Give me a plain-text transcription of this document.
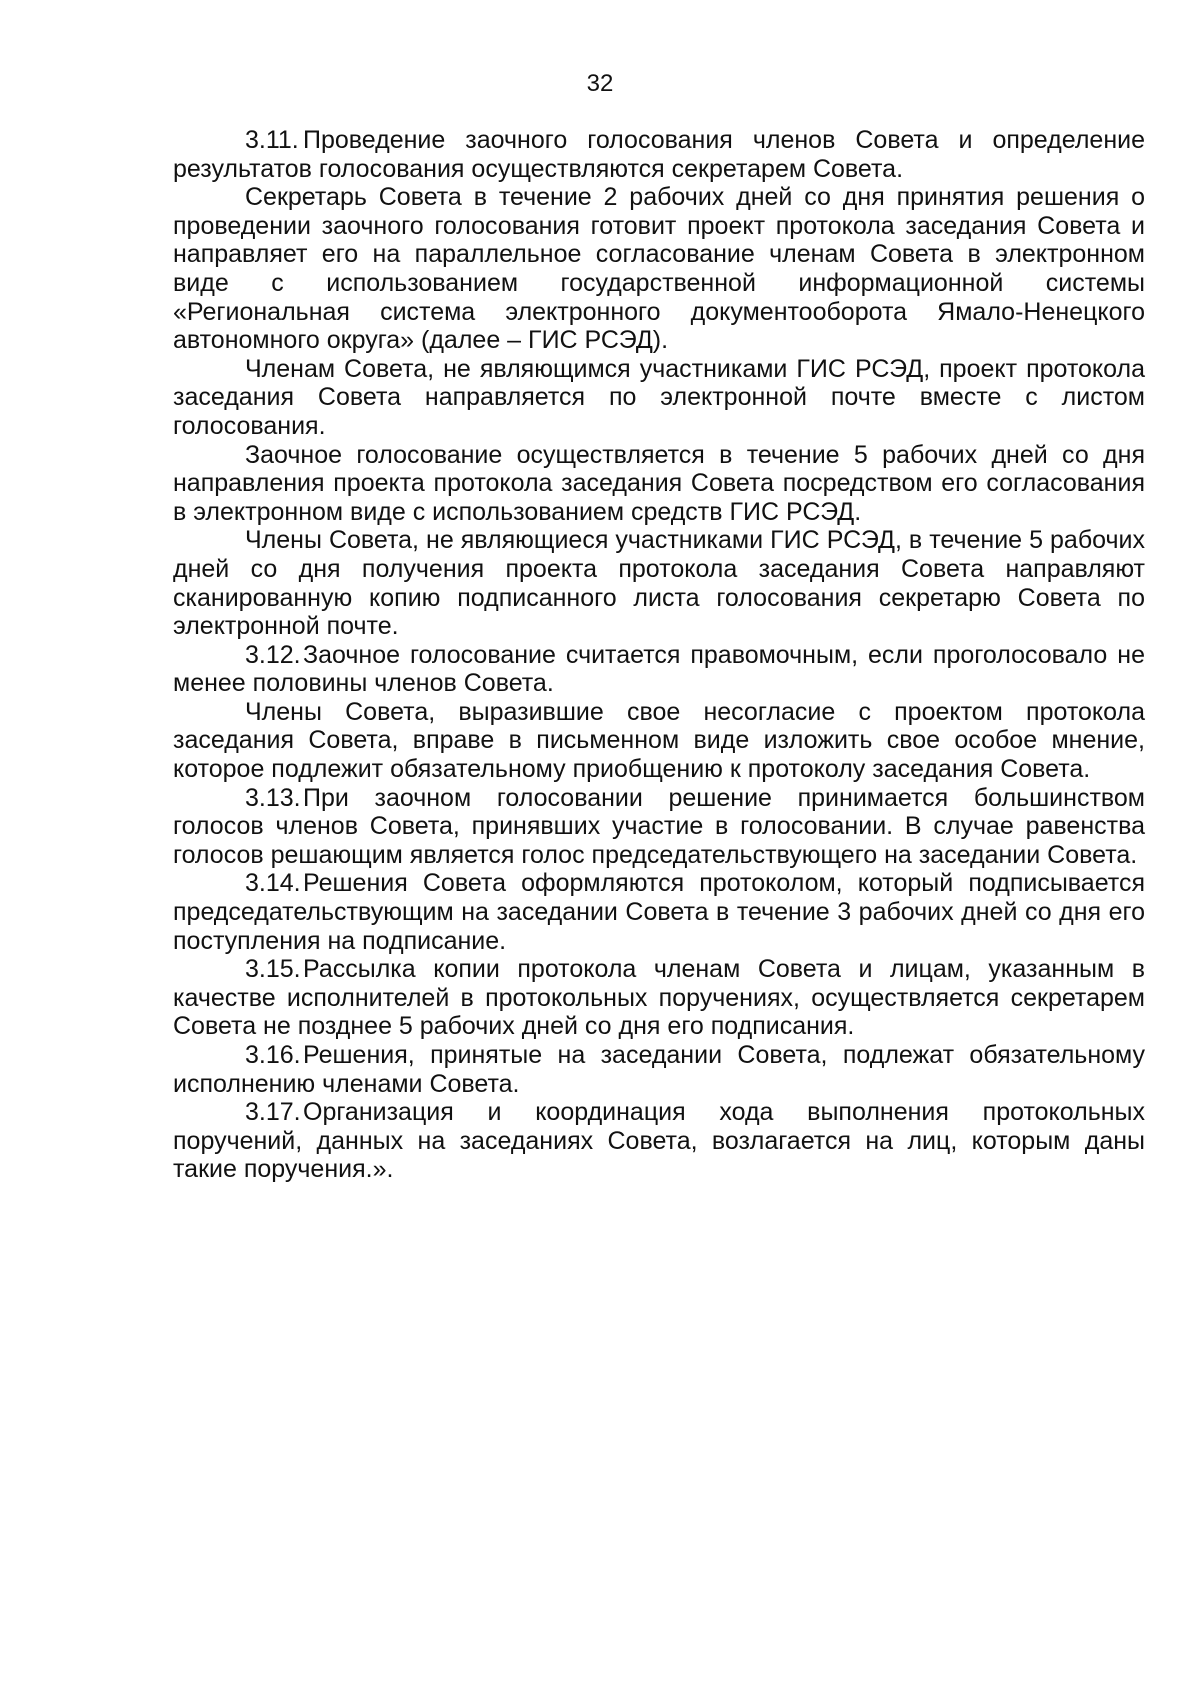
32

3.11. Проведение заочного голосования членов Совета и определение результатов голосования осуществляются секретарем Совета.

Секретарь Совета в течение 2 рабочих дней со дня принятия решения о проведении заочного голосования готовит проект протокола заседания Совета и направляет его на параллельное согласование членам Совета в электронном виде с использованием государственной информационной системы «Региональная система электронного документооборота Ямало-Ненецкого автономного округа» (далее – ГИС РСЭД).

Членам Совета, не являющимся участниками ГИС РСЭД, проект протокола заседания Совета направляется по электронной почте вместе с листом голосования.

Заочное голосование осуществляется в течение 5 рабочих дней со дня направления проекта протокола заседания Совета посредством его согласования в электронном виде с использованием средств ГИС РСЭД.

Члены Совета, не являющиеся участниками ГИС РСЭД, в течение 5 рабочих дней со дня получения проекта протокола заседания Совета направляют сканированную копию подписанного листа голосования секретарю Совета по электронной почте.

3.12.Заочное голосование считается правомочным, если проголосовало не менее половины членов Совета.

Члены Совета, выразившие свое несогласие с проектом протокола заседания Совета, вправе в письменном виде изложить свое особое мнение, которое подлежит обязательному приобщению к протоколу заседания Совета.

3.13.При заочном голосовании решение принимается большинством голосов членов Совета, принявших участие в голосовании. В случае равенства голосов решающим является голос председательствующего на заседании Совета.

3.14.Решения Совета оформляются протоколом, который подписывается председательствующим на заседании Совета в течение 3 рабочих дней со дня его поступления на подписание.

3.15.Рассылка копии протокола членам Совета и лицам, указанным в качестве исполнителей в протокольных поручениях, осуществляется секретарем Совета не позднее 5 рабочих дней со дня его подписания.

3.16.Решения, принятые на заседании Совета, подлежат обязательному исполнению членами Совета.

3.17.Организация и координация хода выполнения протокольных поручений, данных на заседаниях Совета, возлагается на лиц, которым даны такие поручения.».
